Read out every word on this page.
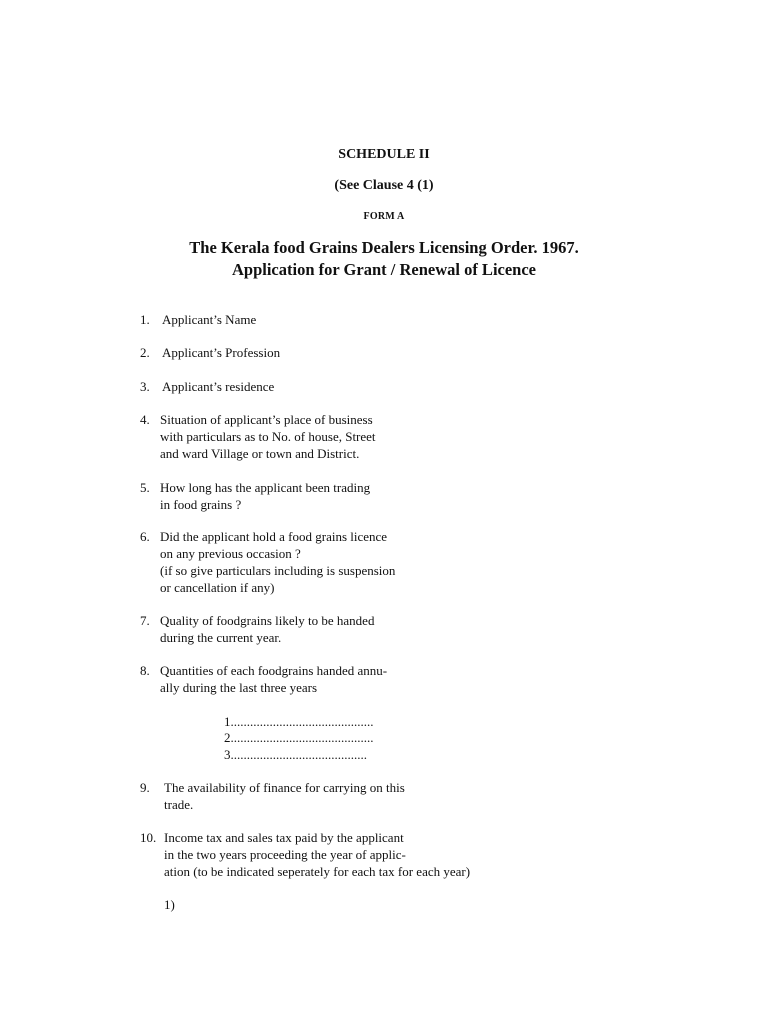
SCHEDULE II
(See Clause 4 (1)
FORM A
The Kerala food Grains Dealers Licensing Order. 1967.
Application for Grant / Renewal of Licence
1. Applicant’s Name
2. Applicant’s Profession
3. Applicant’s residence
4. Situation of applicant’s place of business
with particulars as to No. of house, Street
and ward Village or town and District.
5. How long has the applicant been trading
in food grains ?
6. Did the applicant hold a food grains licence
on any previous occasion ?
(if so give particulars including is suspension
or cancellation if any)
7. Quality of foodgrains likely to be handed
during the current year.
8. Quantities of each foodgrains handed annu-
ally during the last three years
1............................................
2............................................
3..........................................
9. The availability of finance for carrying on this
trade.
10. Income tax and sales tax paid by the applicant
in the two years proceeding the year of applic-
ation (to be indicated seperately for each tax for each year)
1)
